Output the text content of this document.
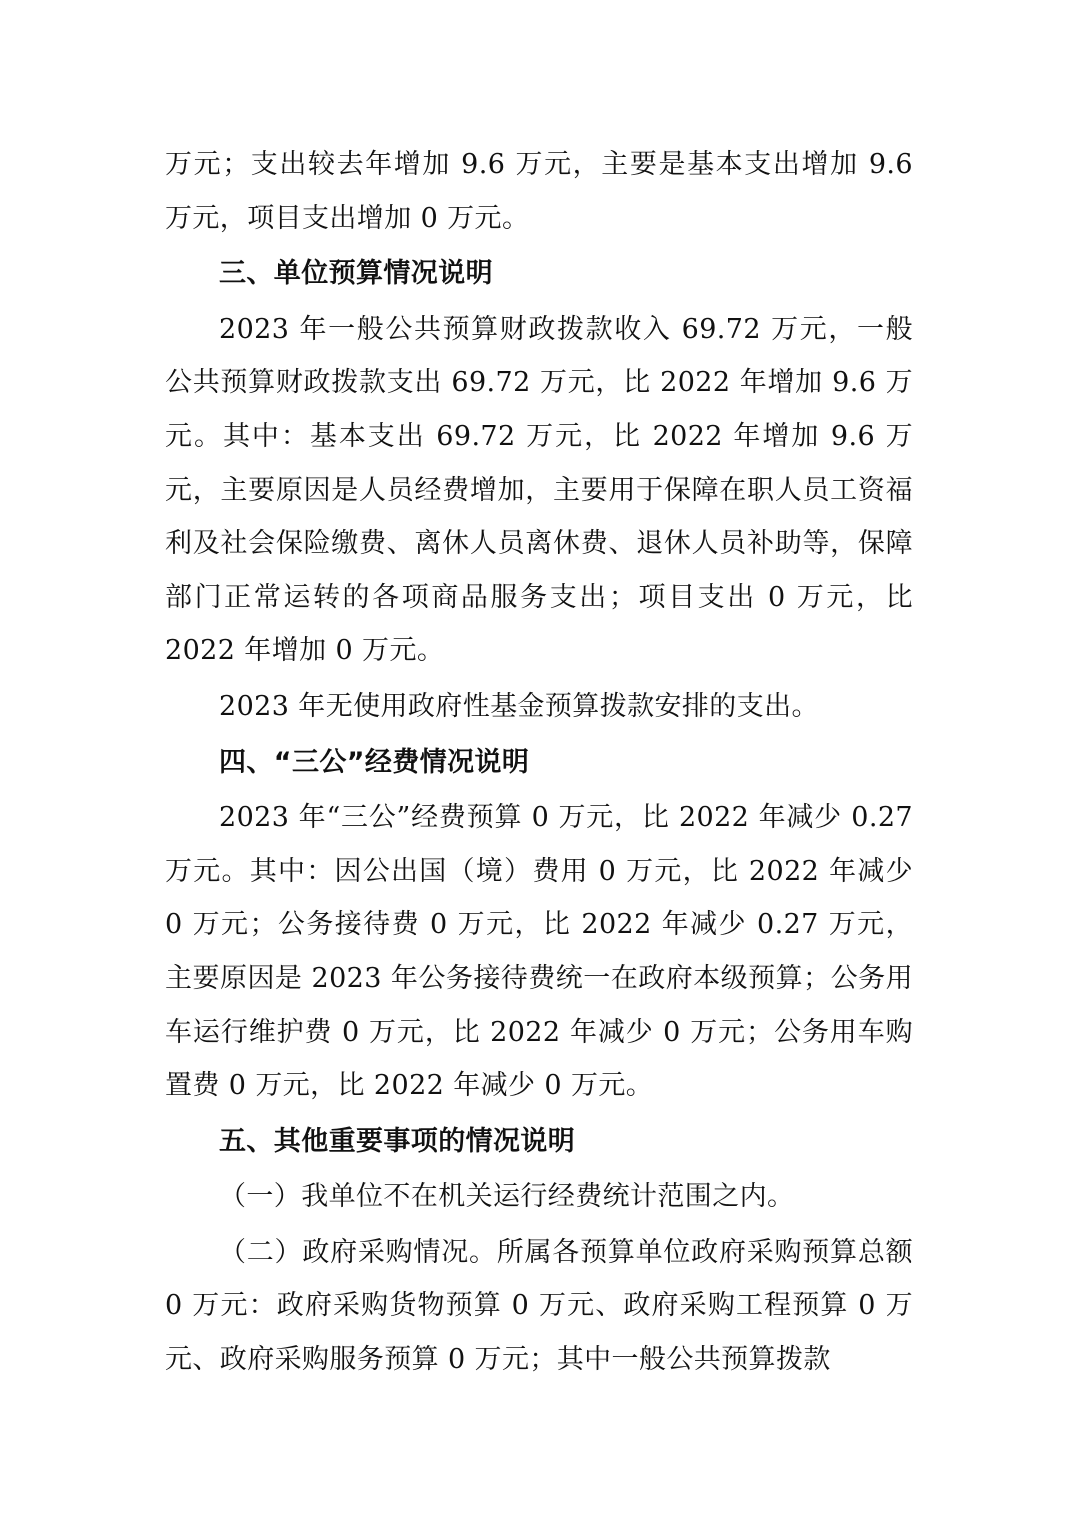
万元；支出较去年增加 9.6 万元，主要是基本支出增加 9.6 万元，项目支出增加 0 万元。

三、单位预算情况说明

2023 年一般公共预算财政拨款收入 69.72 万元，一般公共预算财政拨款支出 69.72 万元，比 2022 年增加 9.6 万元。其中：基本支出 69.72 万元，比 2022 年增加 9.6 万元，主要原因是人员经费增加，主要用于保障在职人员工资福利及社会保险缴费、离休人员离休费、退休人员补助等，保障部门正常运转的各项商品服务支出；项目支出 0 万元，比 2022 年增加 0 万元。

2023 年无使用政府性基金预算拨款安排的支出。

四、“三公”经费情况说明

2023 年“三公”经费预算 0 万元，比 2022 年减少 0.27 万元。其中：因公出国（境）费用 0 万元，比 2022 年减少 0 万元；公务接待费 0 万元，比 2022 年减少 0.27 万元，主要原因是 2023 年公务接待费统一在政府本级预算；公务用车运行维护费 0 万元，比 2022 年减少 0 万元；公务用车购置费 0 万元，比 2022 年减少 0 万元。

五、其他重要事项的情况说明

（一）我单位不在机关运行经费统计范围之内。

（二）政府采购情况。所属各预算单位政府采购预算总额 0 万元：政府采购货物预算 0 万元、政府采购工程预算 0 万元、政府采购服务预算 0 万元；其中一般公共预算拨款
